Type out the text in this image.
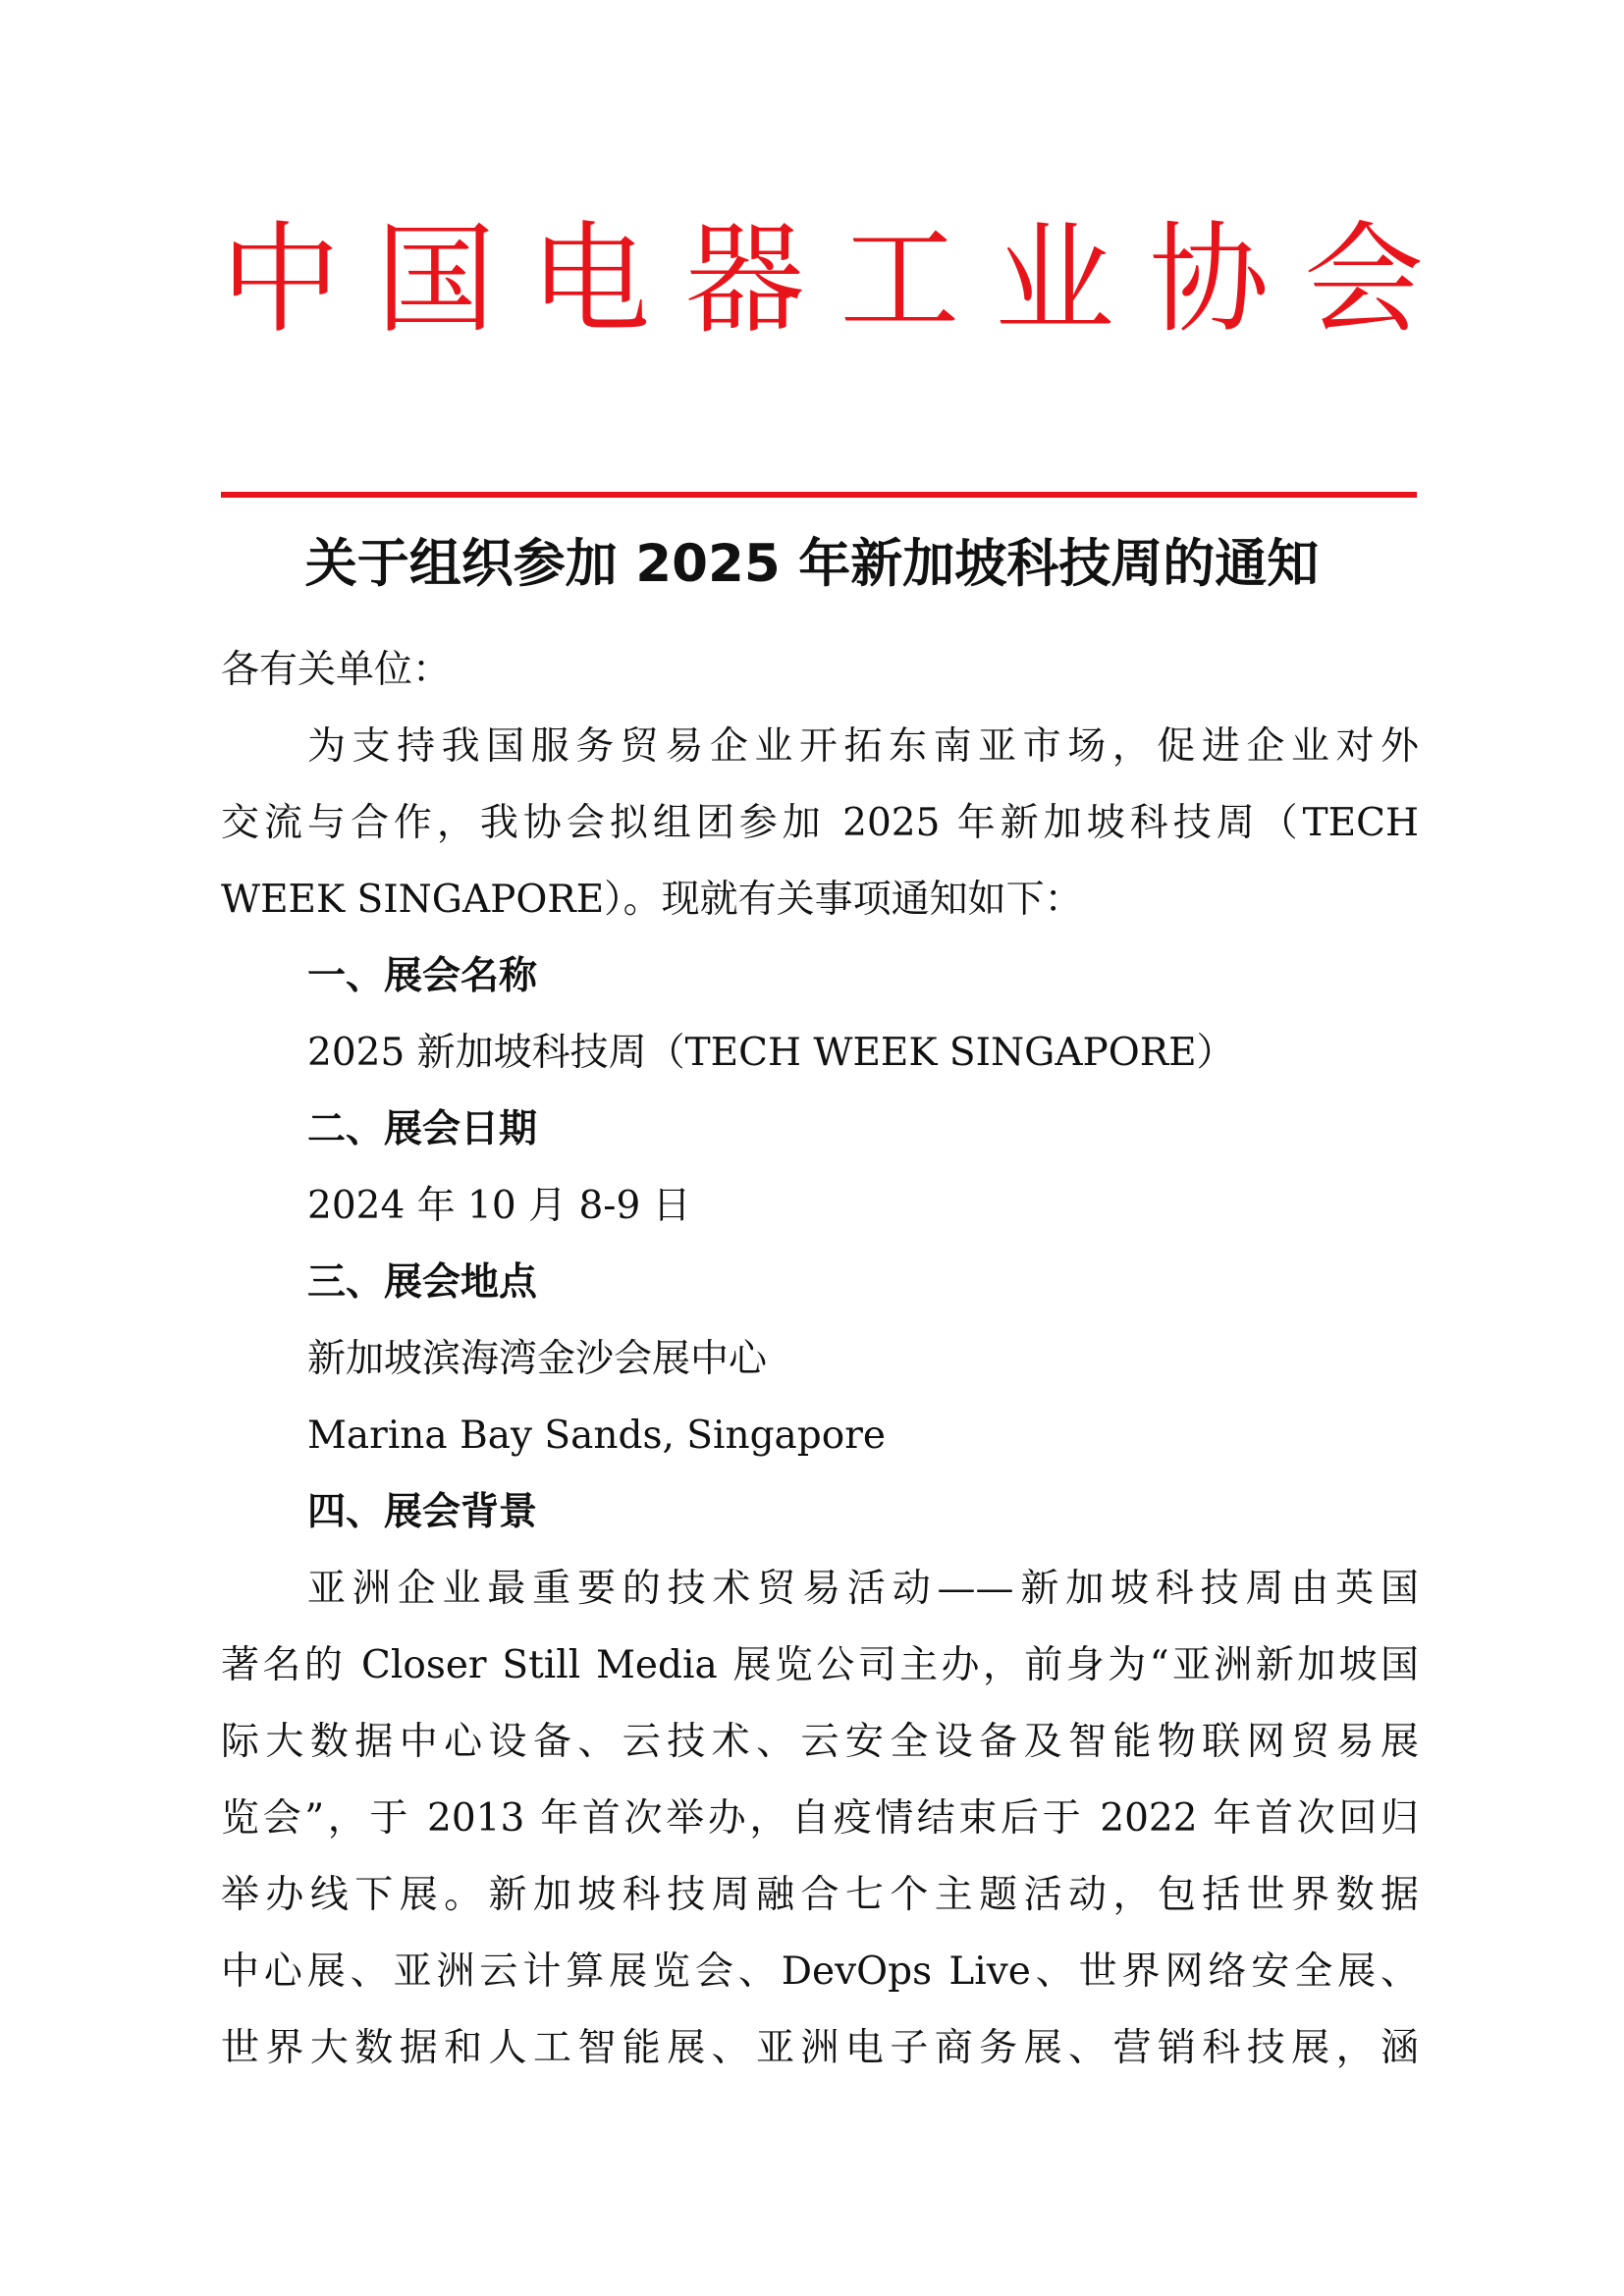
中 国 电 器 工 业 协 会
关于组织参加 2025 年新加坡科技周的通知
各有关单位：
为支持我国服务贸易企业开拓东南亚市场，促进企业对外
交流与合作，我协会拟组团参加 2025 年新加坡科技周（TECH
WEEK SINGAPORE）。现就有关事项通知如下：
一、展会名称
2025 新加坡科技周（TECH WEEK SINGAPORE）
二、展会日期
2024 年 10 月 8-9 日
三、展会地点
新加坡滨海湾金沙会展中心
Marina Bay Sands, Singapore
四、展会背景
亚洲企业最重要的技术贸易活动——新加坡科技周由英国
著名的 Closer Still Media 展览公司主办，前身为“亚洲新加坡国
际大数据中心设备、云技术、云安全设备及智能物联网贸易展
览会”，于 2013 年首次举办，自疫情结束后于 2022 年首次回归
举办线下展。新加坡科技周融合七个主题活动，包括世界数据
中心展、亚洲云计算展览会、DevOps Live、世界网络安全展、
世界大数据和人工智能展、亚洲电子商务展、营销科技展，涵
